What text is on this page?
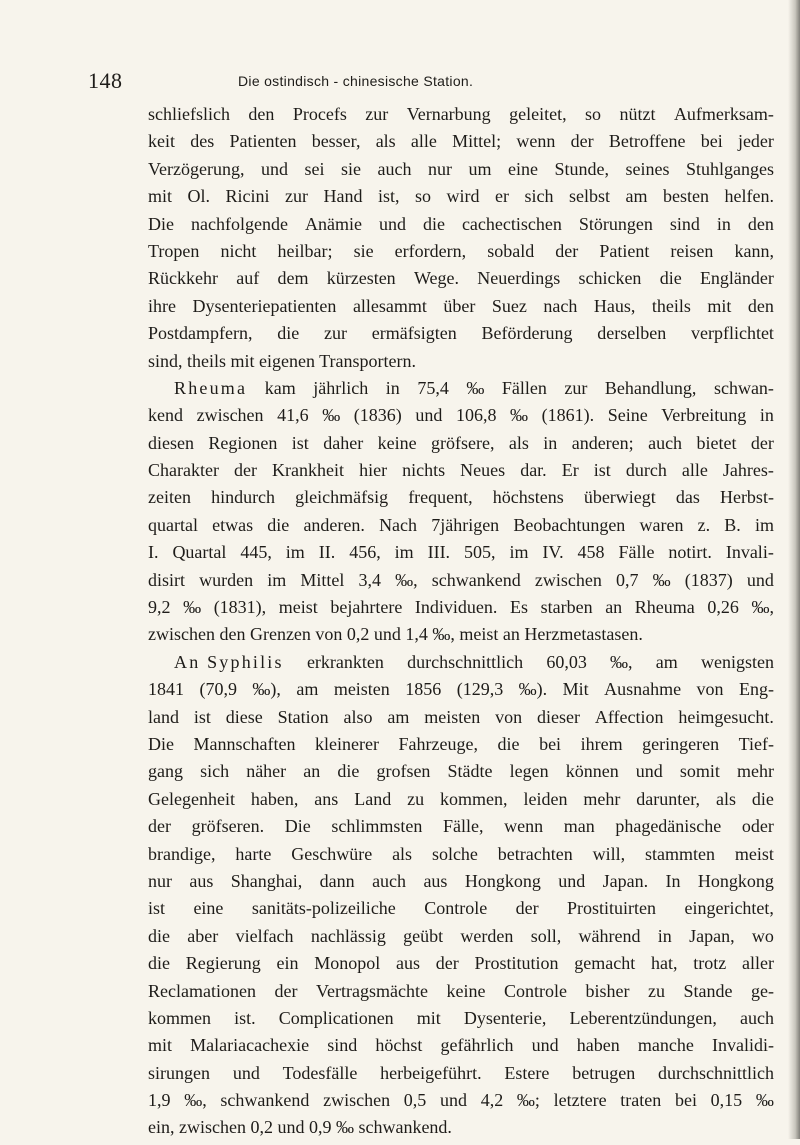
148	Die ostindisch - chinesische Station.
schliefslich den Procefs zur Vernarbung geleitet, so nützt Aufmerksam-
keit des Patienten besser, als alle Mittel; wenn der Betroffene bei jeder
Verzögerung, und sei sie auch nur um eine Stunde, seines Stuhlganges
mit Ol. Ricini zur Hand ist, so wird er sich selbst am besten helfen.
Die nachfolgende Anämie und die cachectischen Störungen sind in den
Tropen nicht heilbar; sie erfordern, sobald der Patient reisen kann,
Rückkehr auf dem kürzesten Wege. Neuerdings schicken die Engländer
ihre Dysenteriepatienten allesammt über Suez nach Haus, theils mit den
Postdampfern, die zur ermäfsigten Beförderung derselben verpflichtet
sind, theils mit eigenen Transportern.
Rheuma kam jährlich in 75,4 ‰ Fällen zur Behandlung, schwan-
kend zwischen 41,6 ‰ (1836) und 106,8 ‰ (1861). Seine Verbreitung in
diesen Regionen ist daher keine gröfsere, als in anderen; auch bietet der
Charakter der Krankheit hier nichts Neues dar. Er ist durch alle Jahres-
zeiten hindurch gleichmäfsig frequent, höchstens überwiegt das Herbst-
quartal etwas die anderen. Nach 7jährigen Beobachtungen waren z. B. im
I. Quartal 445, im II. 456, im III. 505, im IV. 458 Fälle notirt. Invali-
disirt wurden im Mittel 3,4 ‰, schwankend zwischen 0,7 ‰ (1837) und
9,2 ‰ (1831), meist bejahrtere Individuen. Es starben an Rheuma 0,26 ‰,
zwischen den Grenzen von 0,2 und 1,4 ‰, meist an Herzmetastasen.
An Syphilis erkrankten durchschnittlich 60,03 ‰, am wenigsten
1841 (70,9 ‰), am meisten 1856 (129,3 ‰). Mit Ausnahme von Eng-
land ist diese Station also am meisten von dieser Affection heimgesucht.
Die Mannschaften kleinerer Fahrzeuge, die bei ihrem geringeren Tief-
gang sich näher an die grofsen Städte legen können und somit mehr
Gelegenheit haben, ans Land zu kommen, leiden mehr darunter, als die
der gröfseren. Die schlimmsten Fälle, wenn man phagedänische oder
brandige, harte Geschwüre als solche betrachten will, stammten meist
nur aus Shanghai, dann auch aus Hongkong und Japan. In Hongkong
ist eine sanitäts-polizeiliche Controle der Prostituirten eingerichtet,
die aber vielfach nachlässig geübt werden soll, während in Japan, wo
die Regierung ein Monopol aus der Prostitution gemacht hat, trotz aller
Reclamationen der Vertragsmächte keine Controle bisher zu Stande ge-
kommen ist. Complicationen mit Dysenterie, Leberentzündungen, auch
mit Malariacachexie sind höchst gefährlich und haben manche Invalidi-
sirungen und Todesfälle herbeigeführt. Estere betrugen durchschnittlich
1,9 ‰, schwankend zwischen 0,5 und 4,2 ‰; letztere traten bei 0,15 ‰
ein, zwischen 0,2 und 0,9 ‰ schwankend.
